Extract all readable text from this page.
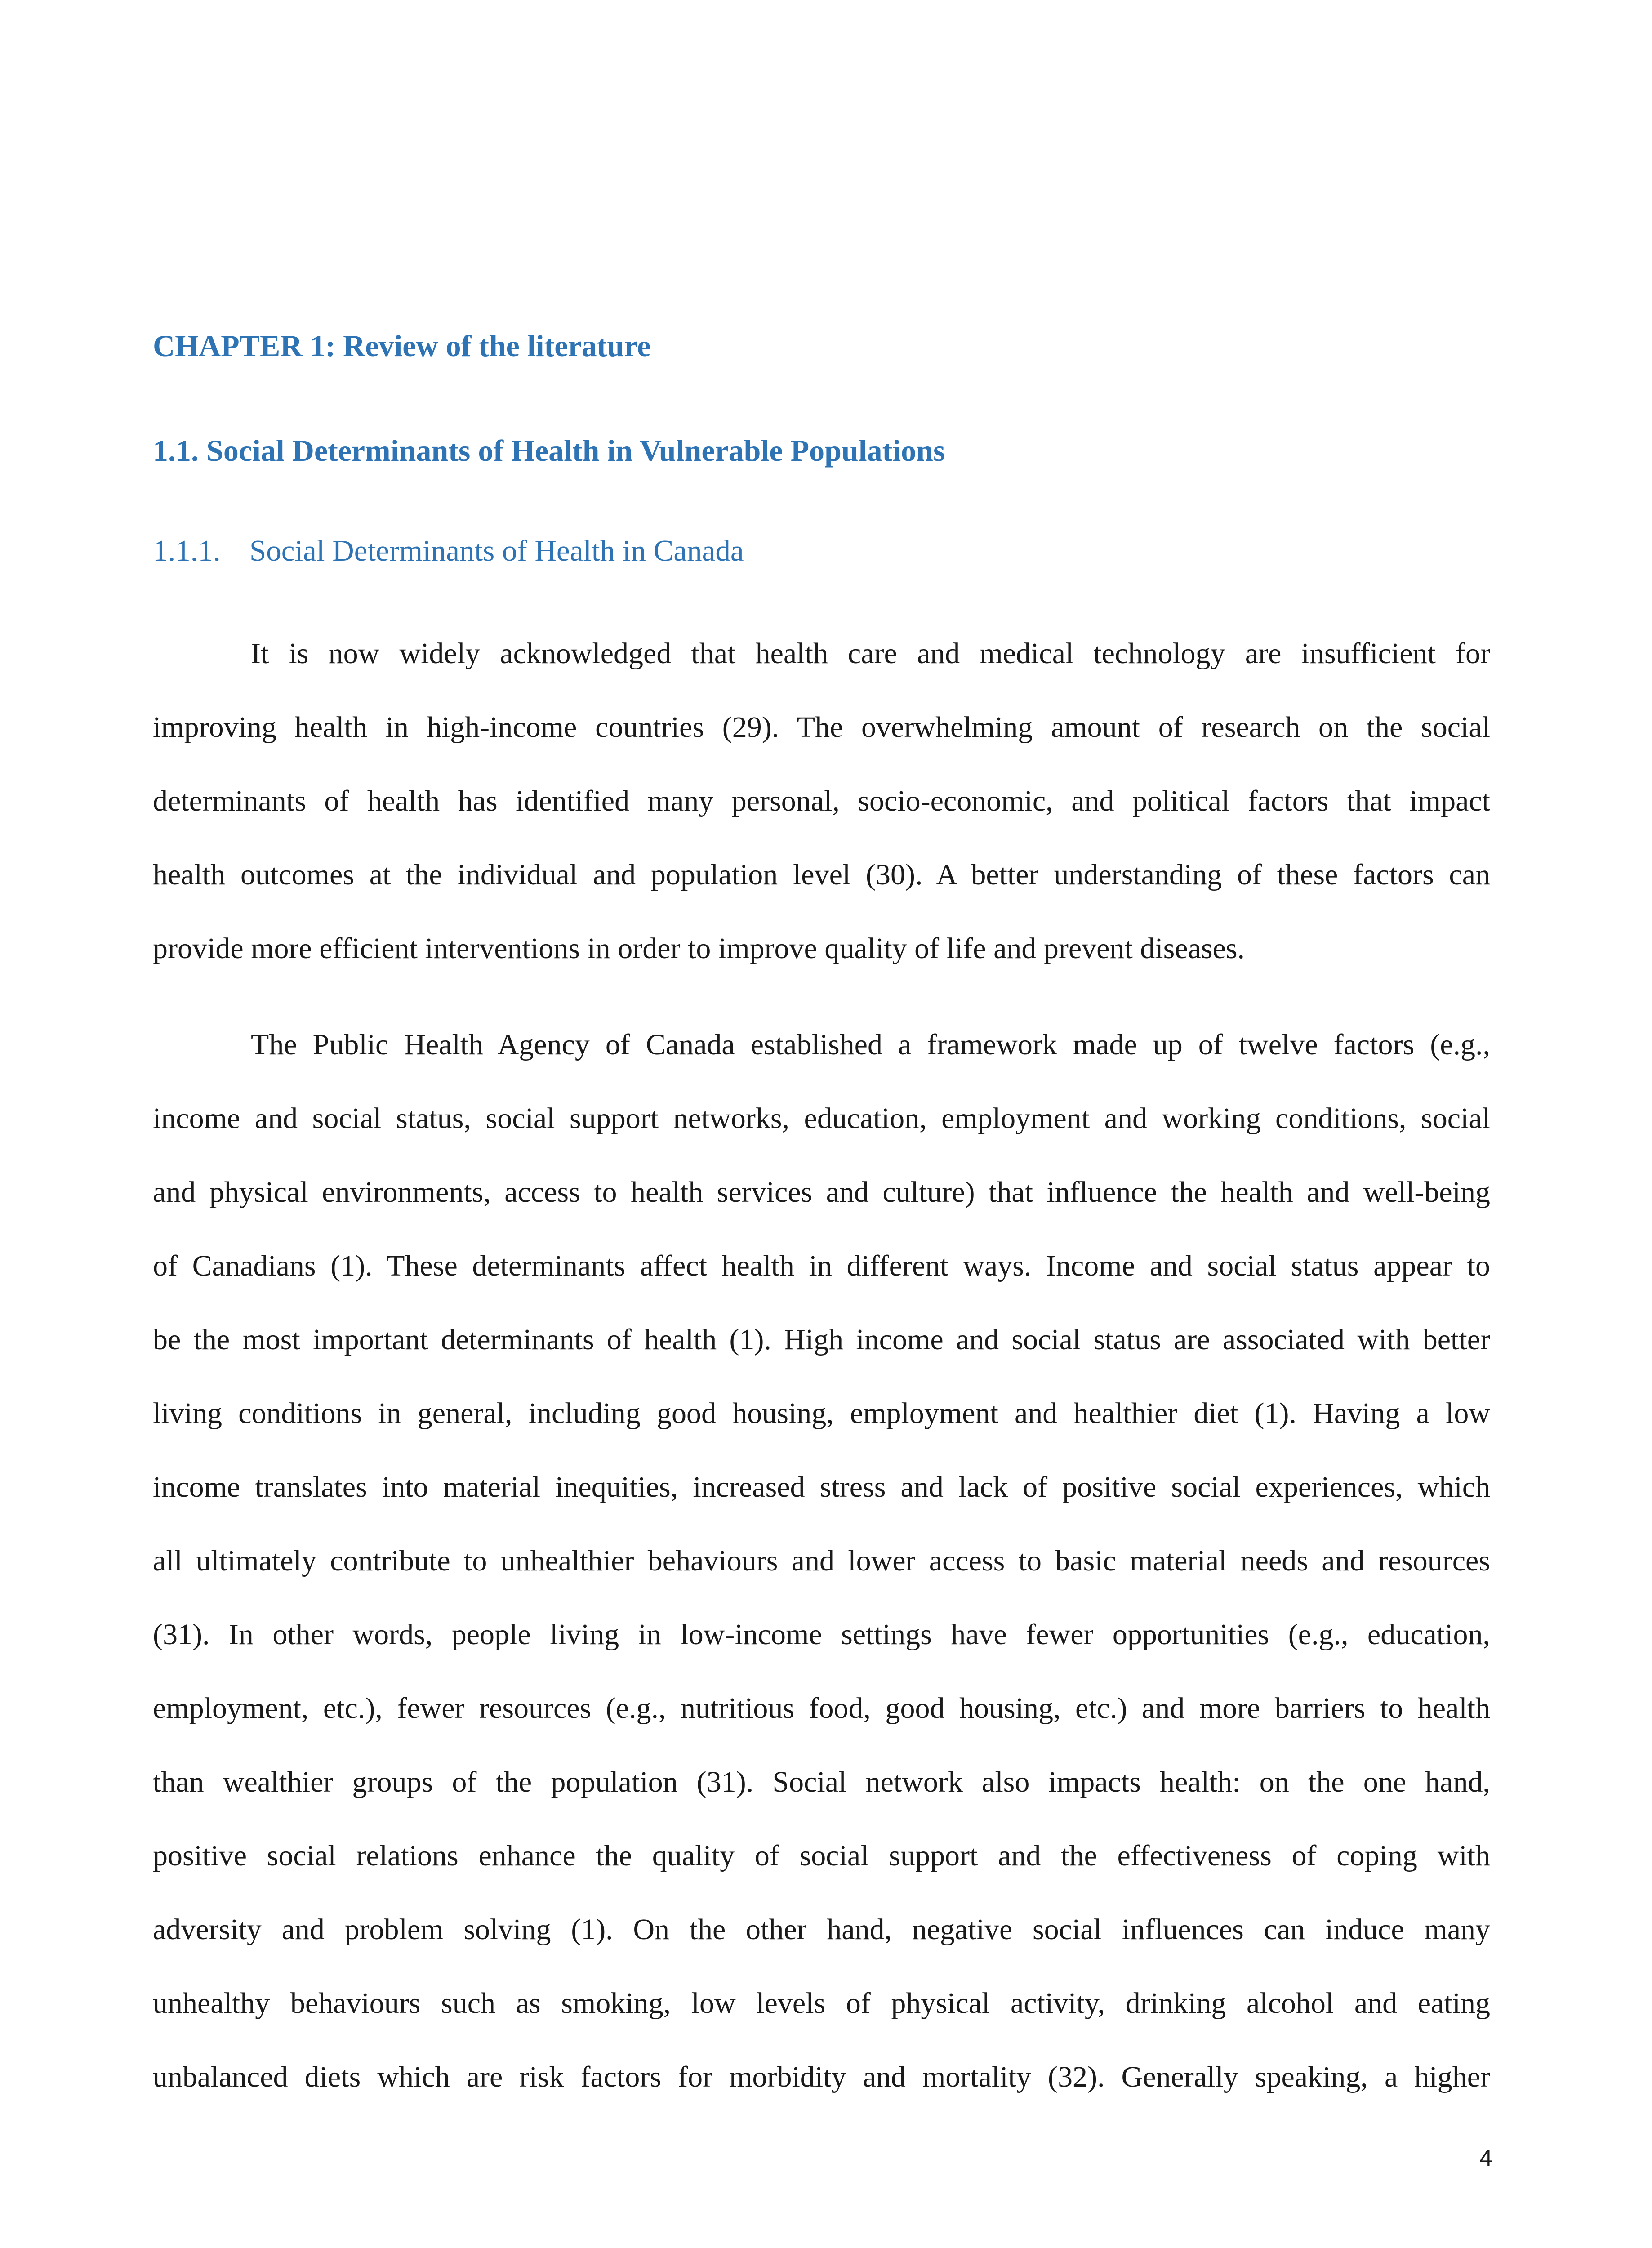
CHAPTER 1: Review of the literature
1.1. Social Determinants of Health in Vulnerable Populations
1.1.1. Social Determinants of Health in Canada
It is now widely acknowledged that health care and medical technology are insufficient for
improving health in high-income countries (29). The overwhelming amount of research on the social
determinants of health has identified many personal, socio-economic, and political factors that impact
health outcomes at the individual and population level (30). A better understanding of these factors can
provide more efficient interventions in order to improve quality of life and prevent diseases.
The Public Health Agency of Canada established a framework made up of twelve factors (e.g.,
income and social status, social support networks, education, employment and working conditions, social
and physical environments, access to health services and culture) that influence the health and well-being
of Canadians (1). These determinants affect health in different ways. Income and social status appear to
be the most important determinants of health (1). High income and social status are associated with better
living conditions in general, including good housing, employment and healthier diet (1). Having a low
income translates into material inequities, increased stress and lack of positive social experiences, which
all ultimately contribute to unhealthier behaviours and lower access to basic material needs and resources
(31). In other words, people living in low-income settings have fewer opportunities (e.g., education,
employment, etc.), fewer resources (e.g., nutritious food, good housing, etc.) and more barriers to health
than wealthier groups of the population (31). Social network also impacts health: on the one hand,
positive social relations enhance the quality of social support and the effectiveness of coping with
adversity and problem solving (1). On the other hand, negative social influences can induce many
unhealthy behaviours such as smoking, low levels of physical activity, drinking alcohol and eating
unbalanced diets which are risk factors for morbidity and mortality (32). Generally speaking, a higher
4
